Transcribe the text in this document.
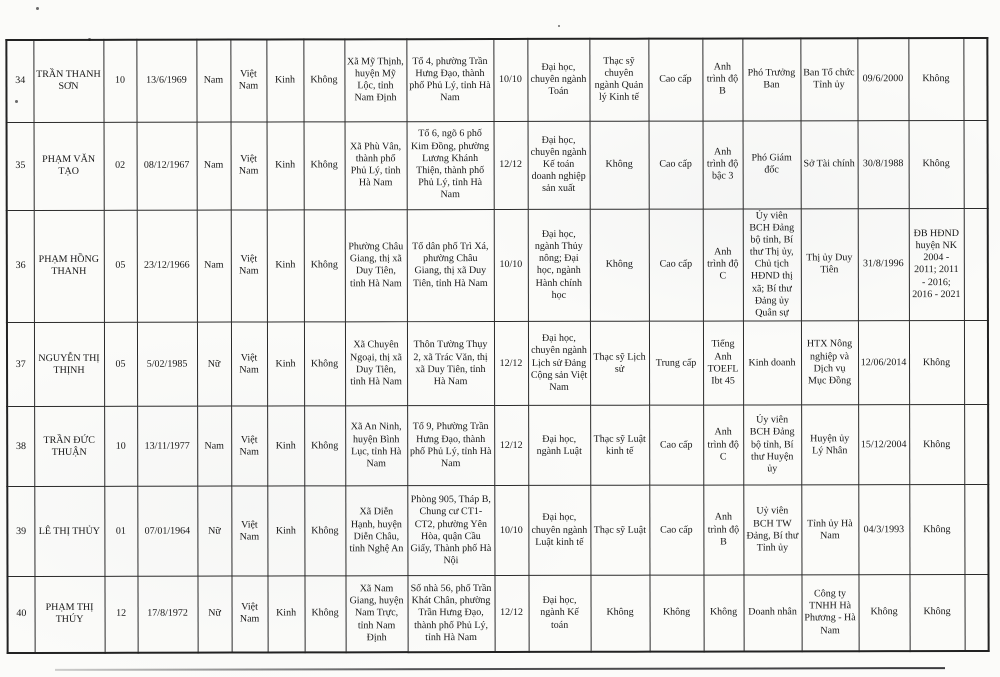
34	TRẦN THANH SƠN	10	13/6/1969	Nam	Việt Nam	Kinh	Không	Xã Mỹ Thịnh, huyện Mỹ Lộc, tỉnh Nam Định	Tổ 4, phường Trần Hưng Đạo, thành phố Phủ Lý, tỉnh Hà Nam	10/10	Đại học, chuyên ngành Toán	Thạc sỹ chuyên ngành Quản lý Kinh tế	Cao cấp	Anh trình độ B	Phó Trưởng Ban	Ban Tổ chức Tỉnh ủy	09/6/2000	Không	
35	PHẠM VĂN TẠO	02	08/12/1967	Nam	Việt Nam	Kinh	Không	Xã Phù Vân, thành phố Phủ Lý, tỉnh Hà Nam	Tổ 6, ngõ 6 phố Kim Đồng, phường Lương Khánh Thiện, thành phố Phủ Lý, tỉnh Hà Nam	12/12	Đại học, chuyên ngành Kế toán doanh nghiệp sản xuất	Không	Cao cấp	Anh trình độ bậc 3	Phó Giám đốc	Sở Tài chính	30/8/1988	Không	
36	PHẠM HỒNG THANH	05	23/12/1966	Nam	Việt Nam	Kinh	Không	Phường Châu Giang, thị xã Duy Tiên, tỉnh Hà Nam	Tổ dân phố Trì Xá, phường Châu Giang, thị xã Duy Tiên, tỉnh Hà Nam	10/10	Đại học, ngành Thủy nông; Đại học, ngành Hành chính học	Không	Cao cấp	Anh trình độ C	Ủy viên BCH Đảng bộ tỉnh, Bí thư Thị ủy, Chủ tịch HĐND thị xã; Bí thư Đảng ủy Quân sự	Thị ủy Duy Tiên	31/8/1996	ĐB HĐND huyện NK 2004 - 2011; 2011 - 2016; 2016 - 2021	
37	NGUYỄN THỊ THỊNH	05	5/02/1985	Nữ	Việt Nam	Kinh	Không	Xã Chuyên Ngoại, thị xã Duy Tiên, tỉnh Hà Nam	Thôn Tường Thụy 2, xã Trác Văn, thị xã Duy Tiên, tỉnh Hà Nam	12/12	Đại học, chuyên ngành Lịch sử Đảng Cộng sản Việt Nam	Thạc sỹ Lịch sử	Trung cấp	Tiếng Anh TOEFL Ibt 45	Kinh doanh	HTX Nông nghiệp và Dịch vụ Mục Đồng	12/06/2014	Không	
38	TRẦN ĐỨC THUẬN	10	13/11/1977	Nam	Việt Nam	Kinh	Không	Xã An Ninh, huyện Bình Lục, tỉnh Hà Nam	Tổ 9, Phường Trần Hưng Đạo, thành phố Phủ Lý, tỉnh Hà Nam	12/12	Đại học, ngành Luật	Thạc sỹ Luật kinh tế	Cao cấp	Anh trình độ C	Ủy viên BCH Đảng bộ tỉnh, Bí thư Huyện ủy	Huyện ủy Lý Nhân	15/12/2004	Không	
39	LÊ THỊ THỦY	01	07/01/1964	Nữ	Việt Nam	Kinh	Không	Xã Diễn Hạnh, huyện Diễn Châu, tỉnh Nghệ An	Phòng 905, Tháp B, Chung cư CT1-CT2, phường Yên Hòa, quận Cầu Giấy, Thành phố Hà Nội	10/10	Đại học, chuyên ngành Luật kinh tế	Thạc sỹ Luật	Cao cấp	Anh trình độ B	Uỷ viên BCH TW Đảng, Bí thư Tỉnh ủy	Tỉnh ủy Hà Nam	04/3/1993	Không	
40	PHẠM THỊ THÚY	12	17/8/1972	Nữ	Việt Nam	Kinh	Không	Xã Nam Giang, huyện Nam Trực, tỉnh Nam Định	Số nhà 56, phố Trần Khát Chân, phường Trần Hưng Đạo, thành phố Phủ Lý, tỉnh Hà Nam	12/12	Đại học, ngành Kế toán	Không	Không	Không	Doanh nhân	Công ty TNHH Hà Phương - Hà Nam	Không	Không	
